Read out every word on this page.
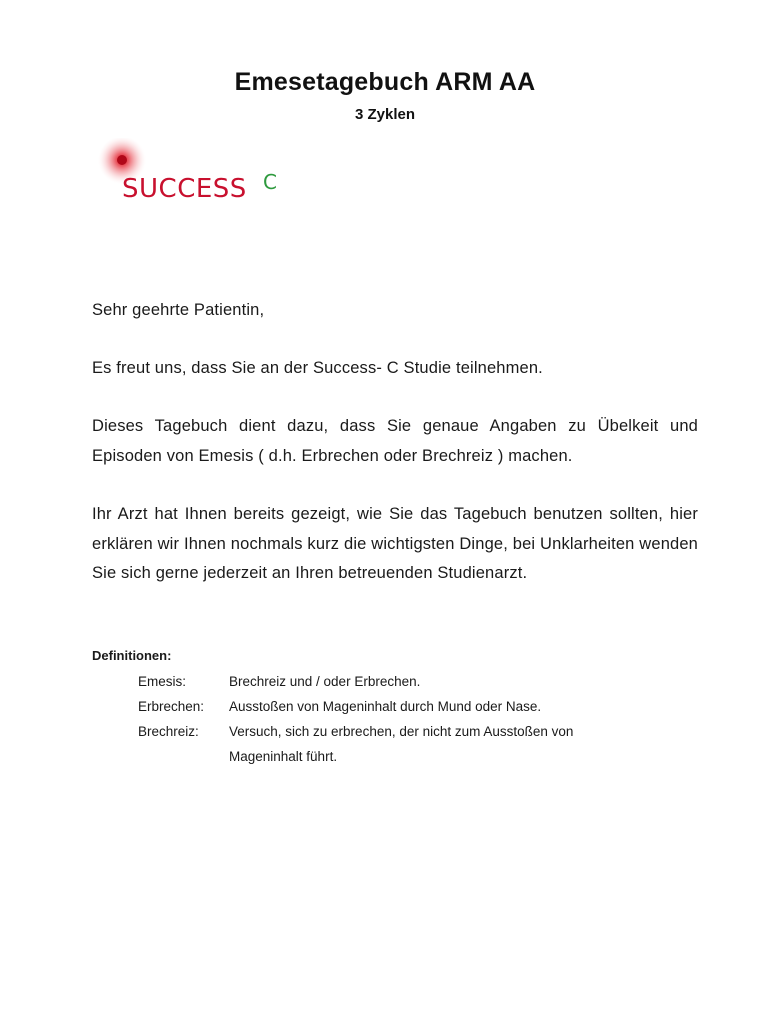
Emesetagebuch ARM AA
3 Zyklen
SUCCESS C
Sehr geehrte Patientin,
Es freut uns, dass Sie an der Success- C Studie teilnehmen.
Dieses Tagebuch dient dazu, dass Sie genaue Angaben zu Übelkeit und Episoden von Emesis ( d.h. Erbrechen oder Brechreiz ) machen.
Ihr Arzt hat Ihnen bereits gezeigt, wie Sie das Tagebuch benutzen sollten, hier erklären wir Ihnen nochmals kurz die wichtigsten Dinge, bei Unklarheiten wenden Sie sich gerne jederzeit an Ihren betreuenden Studienarzt.
Definitionen:
Emesis:	Brechreiz und / oder Erbrechen.
Erbrechen: Ausstoßen von Mageninhalt durch Mund oder Nase.
Brechreiz: Versuch, sich zu erbrechen, der nicht zum Ausstoßen von Mageninhalt führt.
